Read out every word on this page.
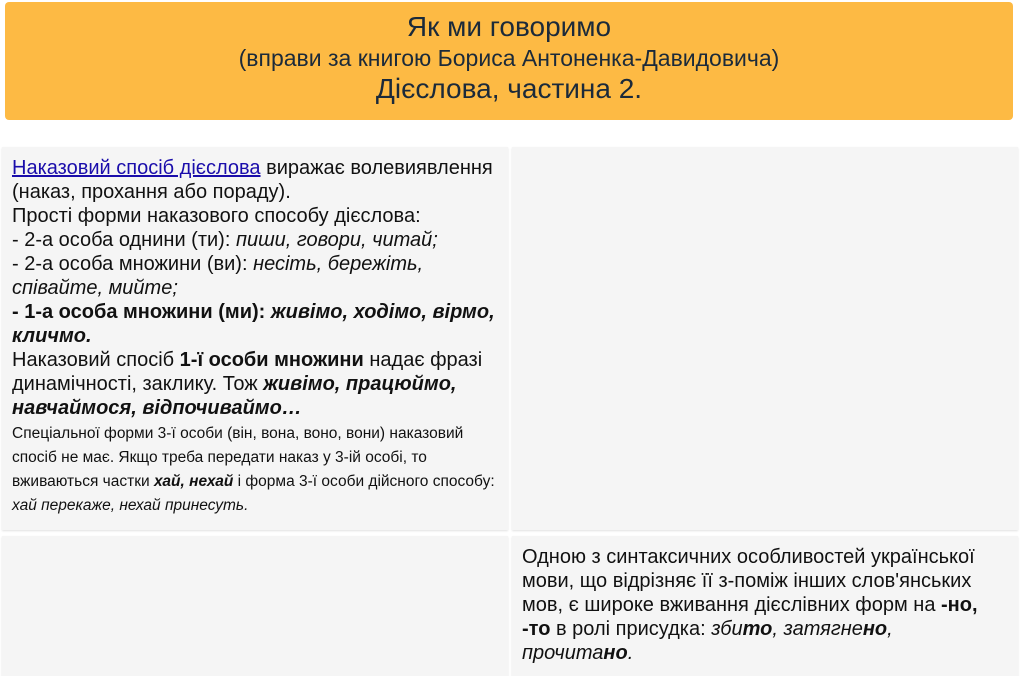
Як ми говоримо
(вправи за книгою Бориса Антоненка-Давидовича)
Дієслова, частина 2.

Наказовий спосіб дієслова виражає волевиявлення (наказ, прохання або пораду).

Прості форми наказового способу дієслова:

- 2-а особа однини (ти): пиши, говори, читай;

- 2-а особа множини (ви): несіть, бережіть, співайте, мийте;

- 1-а особа множини (ми): живімо, ходімо, вірмо, кличмо.

Наказовий спосіб 1-ї особи множини надає фразі динамічності, заклику. Тож живімо, працюймо, навчаймося, відпочиваймо…

Спеціальної форми 3-ї особи (він, вона, воно, вони) наказовий спосіб не має. Якщо треба передати наказ у 3-ій особі, то вживаються частки хай, нехай і форма 3-ї особи дійсного способу: хай перекаже, нехай принесуть.

Одною з синтаксичних особливостей української мови, що відрізняє її з-поміж інших слов'янських мов, є широке вживання дієслівних форм на -но, -то в ролі присудка: збито, затягнено, прочитано.
